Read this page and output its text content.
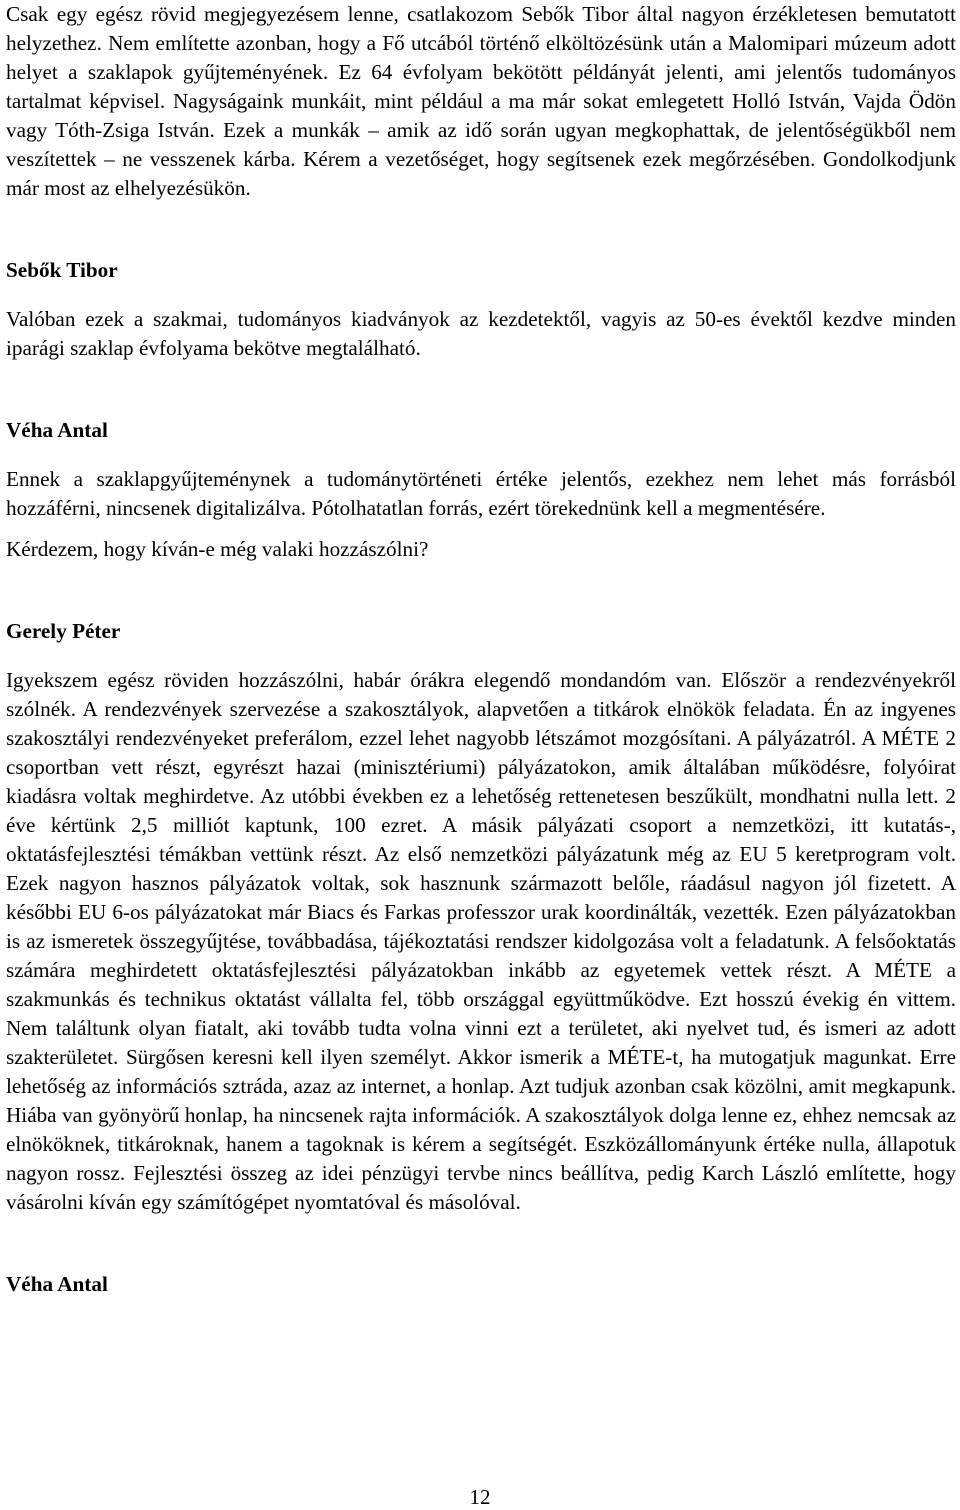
Csak egy egész rövid megjegyezésem lenne, csatlakozom Sebők Tibor által nagyon érzékletesen bemutatott helyzethez. Nem említette azonban, hogy a Fő utcából történő elköltözésünk után a Malomipari múzeum adott helyet a szaklapok gyűjteményének. Ez 64 évfolyam bekötött példányát jelenti, ami jelentős tudományos tartalmat képvisel. Nagyságaink munkáit, mint például a ma már sokat emlegetett Holló István, Vajda Ödön vagy Tóth-Zsiga István. Ezek a munkák – amik az idő során ugyan megkophattak, de jelentőségükből nem veszítettek – ne vesszenek kárba. Kérem a vezetőséget, hogy segítsenek ezek megőrzésében. Gondolkodjunk már most az elhelyezésükön.

Sebők Tibor

Valóban ezek a szakmai, tudományos kiadványok az kezdetektől, vagyis az 50-es évektől kezdve minden iparági szaklap évfolyama bekötve megtalálható.

Véha Antal

Ennek a szaklapgyűjteménynek a tudománytörténeti értéke jelentős, ezekhez nem lehet más forrásból hozzáférni, nincsenek digitalizálva. Pótolhatatlan forrás, ezért törekednünk kell a megmentésére.

Kérdezem, hogy kíván-e még valaki hozzászólni?

Gerely Péter

Igyekszem egész röviden hozzászólni, habár órákra elegendő mondandóm van. Először a rendezvényekről szólnék. A rendezvények szervezése a szakosztályok, alapvetően a titkárok elnökök feladata. Én az ingyenes szakosztályi rendezvényeket preferálom, ezzel lehet nagyobb létszámot mozgósítani. A pályázatról. A MÉTE 2 csoportban vett részt, egyrészt hazai (minisztériumi) pályázatokon, amik általában működésre, folyóirat kiadásra voltak meghirdetve. Az utóbbi években ez a lehetőség rettenetesen beszűkült, mondhatni nulla lett. 2 éve kértünk 2,5 milliót kaptunk, 100 ezret. A másik pályázati csoport a nemzetközi, itt kutatás-, oktatásfejlesztési témákban vettünk részt. Az első nemzetközi pályázatunk még az EU 5 keretprogram volt. Ezek nagyon hasznos pályázatok voltak, sok hasznunk származott belőle, ráadásul nagyon jól fizetett. A későbbi EU 6-os pályázatokat már Biacs és Farkas professzor urak koordinálták, vezették. Ezen pályázatokban is az ismeretek összegyűjtése, továbbadása, tájékoztatási rendszer kidolgozása volt a feladatunk. A felsőoktatás számára meghirdetett oktatásfejlesztési pályázatokban inkább az egyetemek vettek részt. A MÉTE a szakmunkás és technikus oktatást vállalta fel, több országgal együttműködve. Ezt hosszú évekig én vittem. Nem találtunk olyan fiatalt, aki tovább tudta volna vinni ezt a területet, aki nyelvet tud, és ismeri az adott szakterületet. Sürgősen keresni kell ilyen személyt. Akkor ismerik a MÉTE-t, ha mutogatjuk magunkat. Erre lehetőség az információs sztráda, azaz az internet, a honlap. Azt tudjuk azonban csak közölni, amit megkapunk. Hiába van gyönyörű honlap, ha nincsenek rajta információk. A szakosztályok dolga lenne ez, ehhez nemcsak az elnököknek, titkároknak, hanem a tagoknak is kérem a segítségét. Eszközállományunk értéke nulla, állapotuk nagyon rossz. Fejlesztési összeg az idei pénzügyi tervbe nincs beállítva, pedig Karch László említette, hogy vásárolni kíván egy számítógépet nyomtatóval és másolóval.

Véha Antal
12
